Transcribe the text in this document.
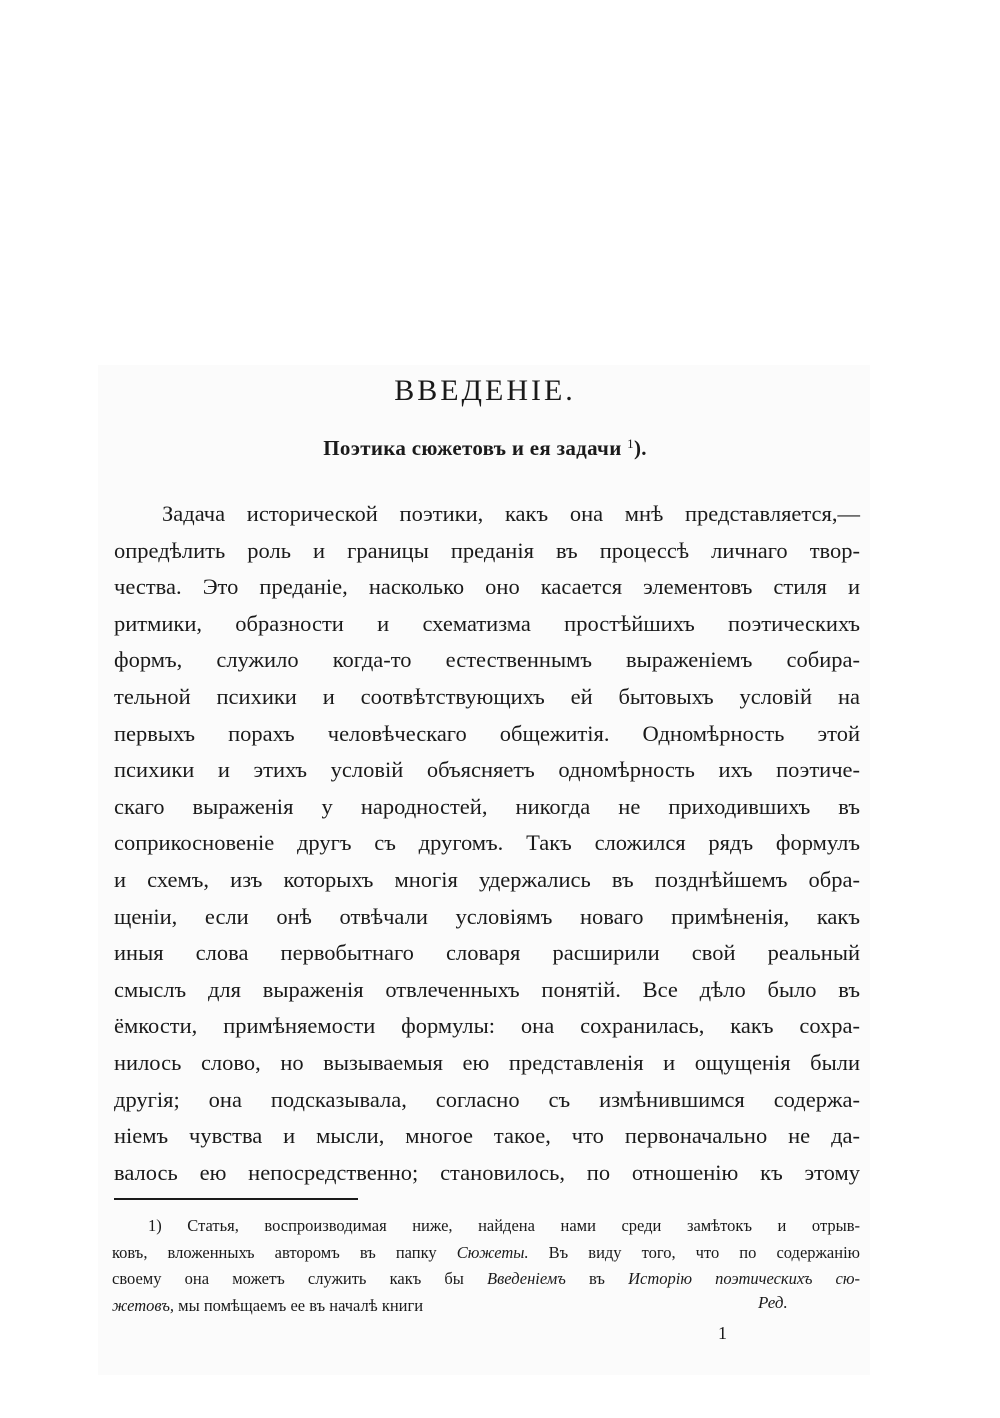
ВВЕДЕНІЕ.
Поэтика сюжетовъ и ея задачи $^1$).
Задача исторической поэтики, какъ она мнѣ представляется,—
опредѣлить роль и границы преданія въ процессѣ личнаго твор-
чества. Это преданіе, насколько оно касается элементовъ стиля и
ритмики, образности и схематизма простѣйшихъ поэтическихъ
формъ, служило когда-то естественнымъ выраженіемъ собира-
тельной психики и соотвѣтствующихъ ей бытовыхъ условій на
первыхъ порахъ человѣческаго общежитія. Одномѣрность этой
психики и этихъ условій объясняетъ одномѣрность ихъ поэтиче-
скаго выраженія у народностей, никогда не приходившихъ въ
соприкосновеніе другъ съ другомъ. Такъ сложился рядъ формулъ
и схемъ, изъ которыхъ многія удержались въ позднѣйшемъ обра-
щеніи, если онѣ отвѣчали условіямъ новаго примѣненія, какъ
иныя слова первобытнаго словаря расширили свой реальный
смыслъ для выраженія отвлеченныхъ понятій. Все дѣло было въ
ёмкости, примѣняемости формулы: она сохранилась, какъ сохра-
нилось слово, но вызываемыя ею представленія и ощущенія были
другія; она подсказывала, согласно съ измѣнившимся содержа-
ніемъ чувства и мысли, многое такое, что первоначально не да-
валось ею непосредственно; становилось, по отношенію къ этому
1) Статья, воспроизводимая ниже, найдена нами среди замѣтокъ и отрыв-
ковъ, вложенныхъ авторомъ въ папку Сюжеты. Въ виду того, что по содержанію
своему она можетъ служить какъ бы Введеніемъ въ Исторію поэтическихъ сю-
жетовъ, мы помѣщаемъ ее въ началѣ книги	Ред.
1
